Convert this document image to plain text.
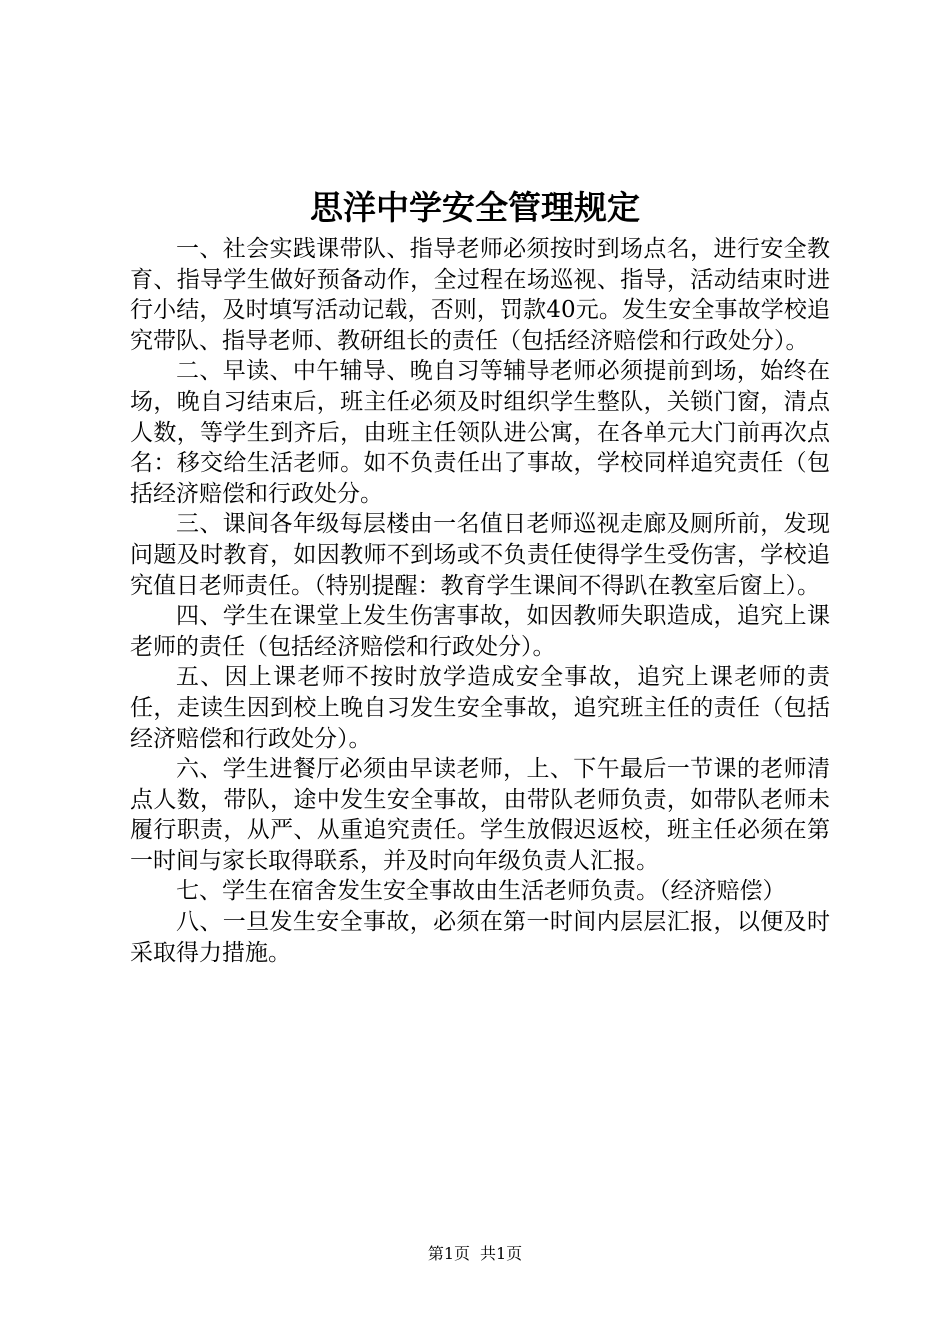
思洋中学安全管理规定

一、社会实践课带队、指导老师必须按时到场点名，进行安全教育、指导学生做好预备动作，全过程在场巡视、指导，活动结束时进行小结，及时填写活动记载，否则，罚款40元。发生安全事故学校追究带队、指导老师、教研组长的责任（包括经济赔偿和行政处分）。

二、早读、中午辅导、晚自习等辅导老师必须提前到场，始终在场，晚自习结束后，班主任必须及时组织学生整队，关锁门窗，清点人数，等学生到齐后，由班主任领队进公寓，在各单元大门前再次点名：移交给生活老师。如不负责任出了事故，学校同样追究责任（包括经济赔偿和行政处分。

三、课间各年级每层楼由一名值日老师巡视走廊及厕所前，发现问题及时教育，如因教师不到场或不负责任使得学生受伤害，学校追究值日老师责任。（特别提醒：教育学生课间不得趴在教室后窗上）。

四、学生在课堂上发生伤害事故，如因教师失职造成，追究上课老师的责任（包括经济赔偿和行政处分）。

五、因上课老师不按时放学造成安全事故，追究上课老师的责任，走读生因到校上晚自习发生安全事故，追究班主任的责任（包括经济赔偿和行政处分）。

六、学生进餐厅必须由早读老师，上、下午最后一节课的老师清点人数，带队，途中发生安全事故，由带队老师负责，如带队老师未履行职责，从严、从重追究责任。学生放假迟返校，班主任必须在第一时间与家长取得联系，并及时向年级负责人汇报。

七、学生在宿舍发生安全事故由生活老师负责。（经济赔偿）

八、一旦发生安全事故，必须在第一时间内层层汇报，以便及时采取得力措施。

第1页 共1页
